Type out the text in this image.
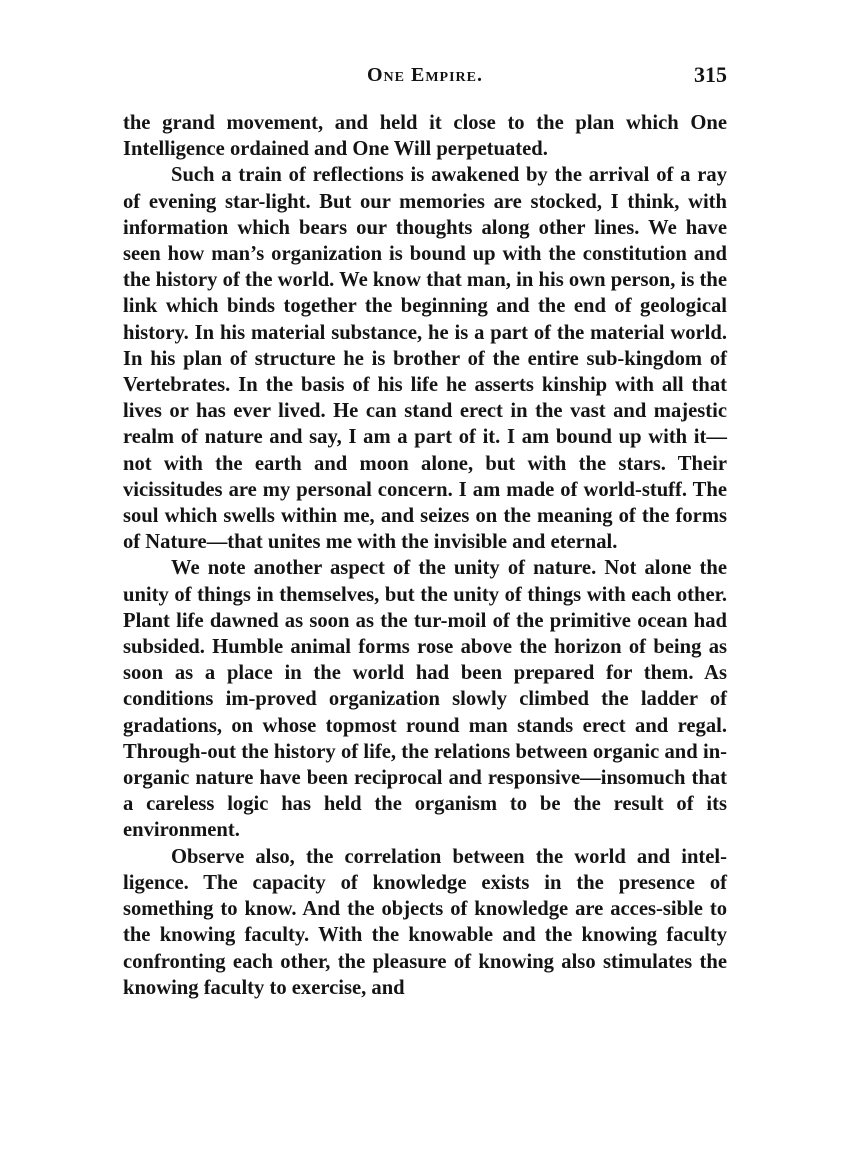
One Empire.	315

the grand movement, and held it close to the plan which One Intelligence ordained and One Will perpetuated.

Such a train of reflections is awakened by the arrival of a ray of evening star-light. But our memories are stocked, I think, with information which bears our thoughts along other lines. We have seen how man’s organization is bound up with the constitution and the history of the world. We know that man, in his own person, is the link which binds together the beginning and the end of geological history. In his material substance, he is a part of the material world. In his plan of structure he is brother of the entire sub-kingdom of Vertebrates. In the basis of his life he asserts kinship with all that lives or has ever lived. He can stand erect in the vast and majestic realm of nature and say, I am a part of it. I am bound up with it—not with the earth and moon alone, but with the stars. Their vicissitudes are my personal concern. I am made of world-stuff. The soul which swells within me, and seizes on the meaning of the forms of Nature—that unites me with the invisible and eternal.

We note another aspect of the unity of nature. Not alone the unity of things in themselves, but the unity of things with each other. Plant life dawned as soon as the tur-moil of the primitive ocean had subsided. Humble animal forms rose above the horizon of being as soon as a place in the world had been prepared for them. As conditions im-proved organization slowly climbed the ladder of gradations, on whose topmost round man stands erect and regal. Through-out the history of life, the relations between organic and in-organic nature have been reciprocal and responsive—insomuch that a careless logic has held the organism to be the result of its environment.

Observe also, the correlation between the world and intel-ligence. The capacity of knowledge exists in the presence of something to know. And the objects of knowledge are acces-sible to the knowing faculty. With the knowable and the knowing faculty confronting each other, the pleasure of knowing also stimulates the knowing faculty to exercise, and
